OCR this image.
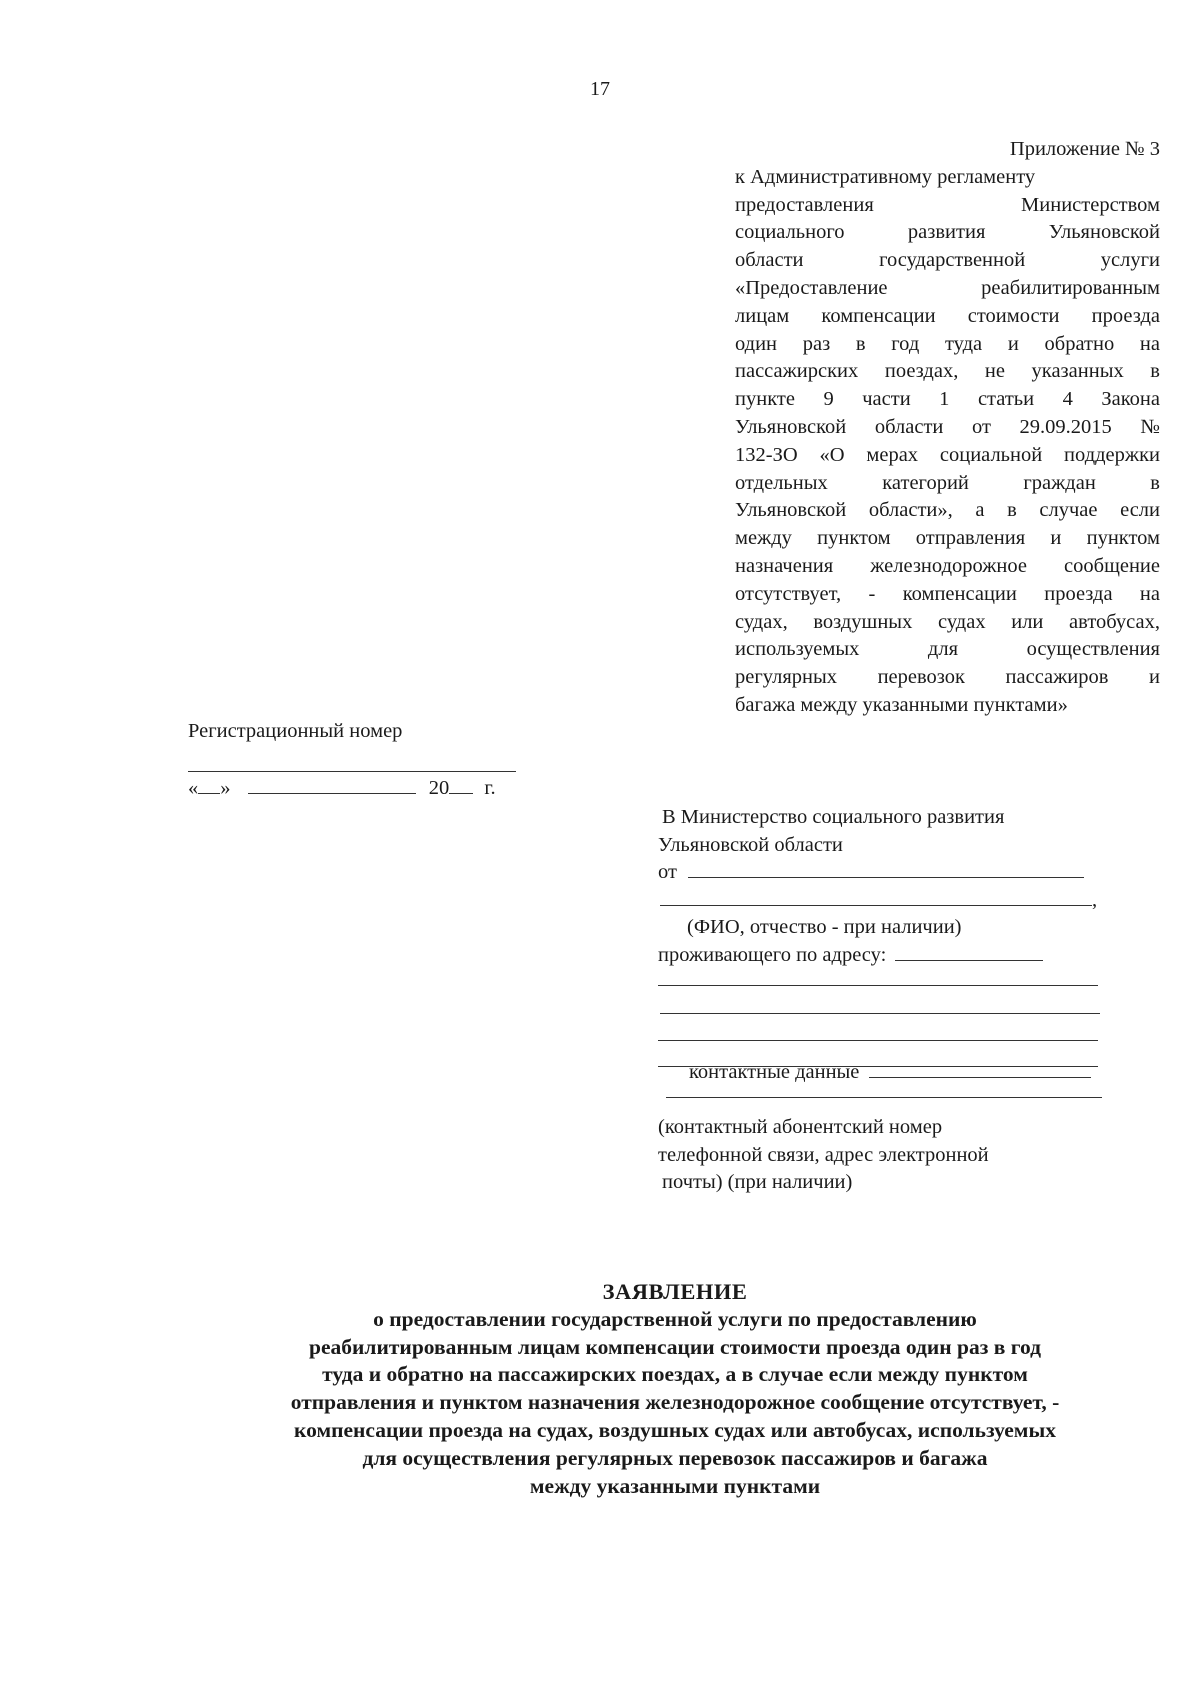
17
Приложение № 3
к Административному регламенту
предоставления Министерством
социального развития Ульяновской
области государственной услуги
«Предоставление реабилитированным
лицам компенсации стоимости проезда
один раз в год туда и обратно на
пассажирских поездах, не указанных в
пункте 9 части 1 статьи 4 Закона
Ульяновской области от 29.09.2015 №
132-ЗО «О мерах социальной поддержки
отдельных категорий граждан в
Ульяновской области», а в случае если
между пунктом отправления и пунктом
назначения железнодорожное сообщение
отсутствует, - компенсации проезда на
судах, воздушных судах или автобусах,
используемых для осуществления
регулярных перевозок пассажиров и
багажа между указанными пунктами»
Регистрационный номер
« »	20 г.
В Министерство социального развития
Ульяновской области
от
,
(ФИО, отчество - при наличии)
проживающего по адресу:
контактные данные
(контактный абонентский номер
телефонной связи, адрес электронной
почты) (при наличии)
ЗАЯВЛЕНИЕ
о предоставлении государственной услуги по предоставлению
реабилитированным лицам компенсации стоимости проезда один раз в год
туда и обратно на пассажирских поездах, а в случае если между пунктом
отправления и пунктом назначения железнодорожное сообщение отсутствует, -
компенсации проезда на судах, воздушных судах или автобусах, используемых
для осуществления регулярных перевозок пассажиров и багажа
между указанными пунктами
